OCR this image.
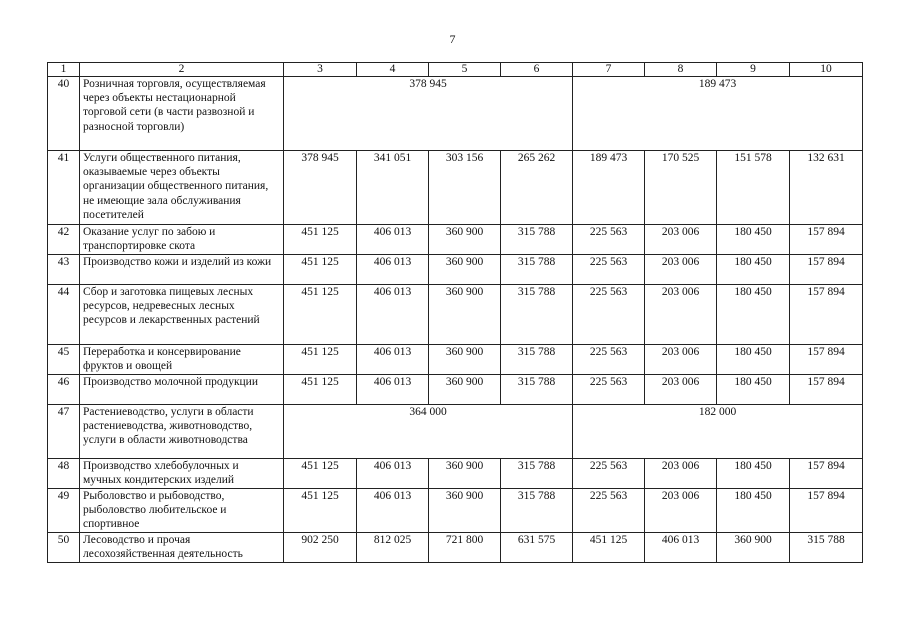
7
1	2	3	4	5	6	7	8	9	10
40	Розничная торговля, осуществляемая через объекты нестационарной торговой сети (в части развозной и разносной торговли)	378 945				189 473			
41	Услуги общественного питания, оказываемые через объекты организации общественного питания, не имеющие зала обслуживания посетителей	378 945	341 051	303 156	265 262	189 473	170 525	151 578	132 631
42	Оказание услуг по забою и транспортировке скота	451 125	406 013	360 900	315 788	225 563	203 006	180 450	157 894
43	Производство кожи и изделий из кожи	451 125	406 013	360 900	315 788	225 563	203 006	180 450	157 894
44	Сбор и заготовка пищевых лесных ресурсов, недревесных лесных ресурсов и лекарственных растений	451 125	406 013	360 900	315 788	225 563	203 006	180 450	157 894
45	Переработка и консервирование фруктов и овощей	451 125	406 013	360 900	315 788	225 563	203 006	180 450	157 894
46	Производство молочной продукции	451 125	406 013	360 900	315 788	225 563	203 006	180 450	157 894
47	Растениеводство, услуги в области растениеводства, животноводство, услуги в области животноводства	364 000				182 000			
48	Производство хлебобулочных и мучных кондитерских изделий	451 125	406 013	360 900	315 788	225 563	203 006	180 450	157 894
49	Рыболовство и рыбоводство, рыболовство любительское и спортивное	451 125	406 013	360 900	315 788	225 563	203 006	180 450	157 894
50	Лесоводство и прочая лесохозяйственная деятельность	902 250	812 025	721 800	631 575	451 125	406 013	360 900	315 788
